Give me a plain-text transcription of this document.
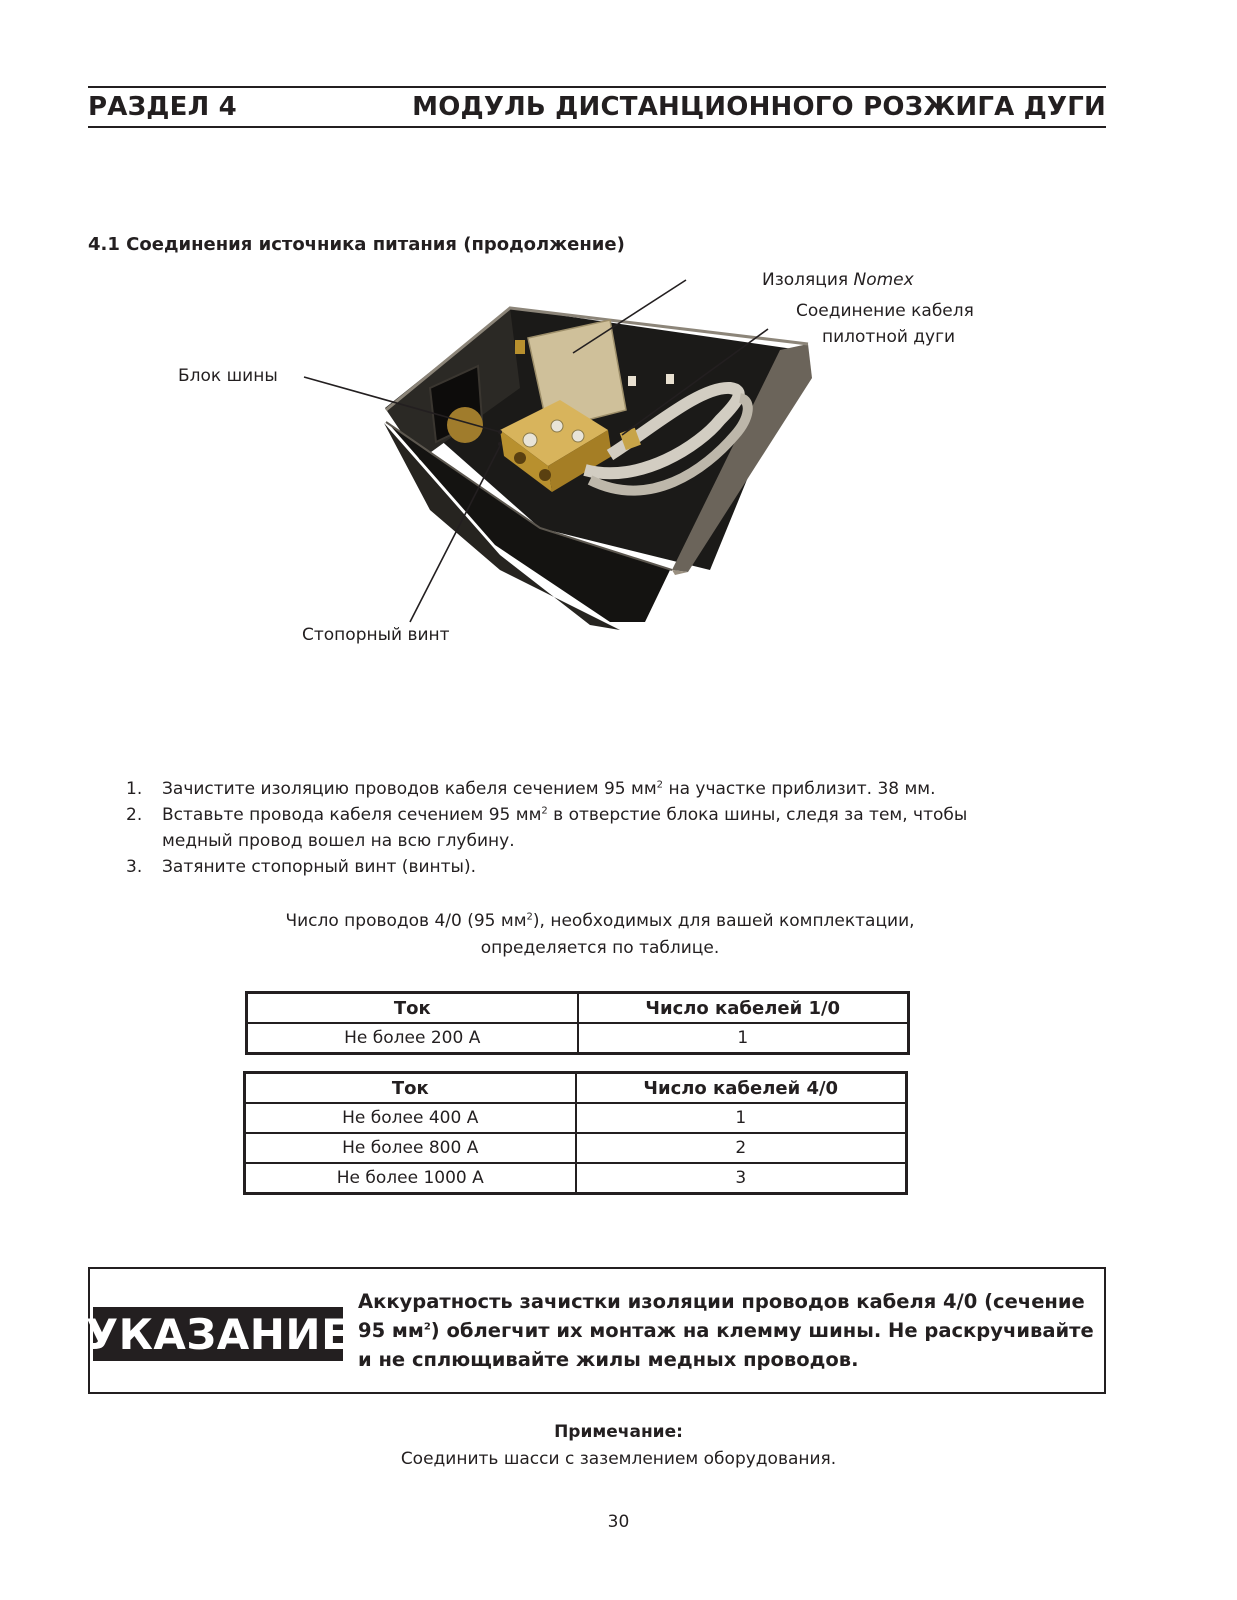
РАЗДЕЛ 4	МОДУЛЬ ДИСТАНЦИОННОГО РОЗЖИГА ДУГИ
4.1 Соединения источника питания (продолжение)
Изоляция Nomex
Соединение кабеля
пилотной дуги
Блок шины
Стопорный винт
1. Зачистите изоляцию проводов кабеля сечением 95 $мм^2$ на участке приблизит. 38 мм.
2. Вставьте провода кабеля сечением 95 $мм^2$ в отверстие блока шины, следя за тем, чтобы медный провод вошел на всю глубину.
3. Затяните стопорный винт (винты).
Число проводов 4/0 (95 $мм^2$), необходимых для вашей комплектации,
определяется по таблице.
Ток	Число кабелей 1/0
Не более 200 А	1
Ток	Число кабелей 4/0
Не более 400 А	1
Не более 800 А	2
Не более 1000 А	3
УКАЗАНИЕ
Аккуратность зачистки изоляции проводов кабеля 4/0 (сечение 95 $мм^2$) облегчит их монтаж на клемму шины. Не раскручивайте и не сплющивайте жилы медных проводов.
Примечание:
Соединить шасси с заземлением оборудования.
30
